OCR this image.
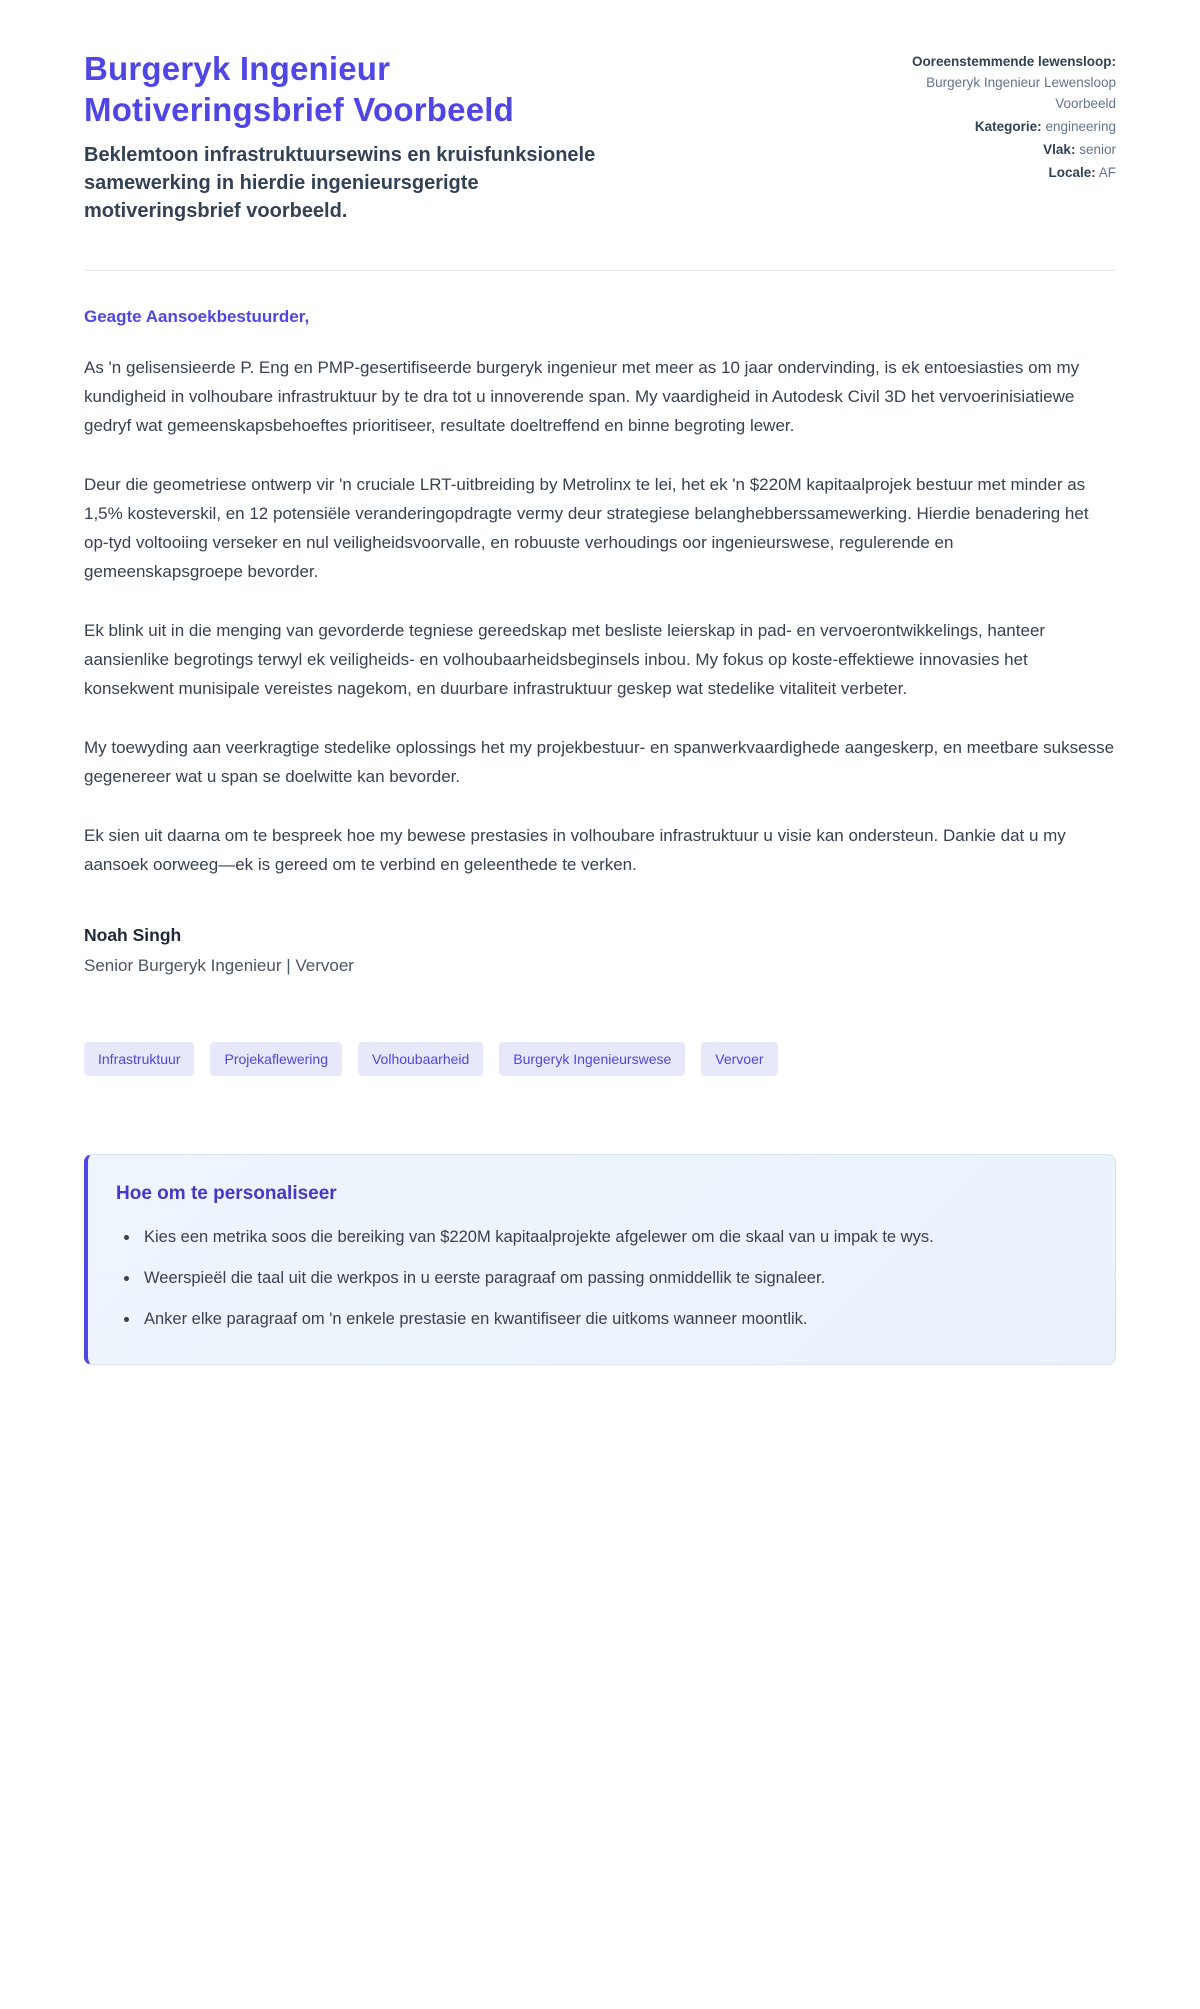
Burgeryk Ingenieur Motiveringsbrief Voorbeeld
Beklemtoon infrastruktuursewins en kruisfunksionele samewerking in hierdie ingenieursgerigte motiveringsbrief voorbeeld.
Ooreenstemmende lewensloop: Burgeryk Ingenieur Lewensloop Voorbeeld
Kategorie: engineering
Vlak: senior
Locale: AF

Geagte Aansoekbestuurder,

As 'n gelisensieerde P. Eng en PMP-gesertifiseerde burgeryk ingenieur met meer as 10 jaar ondervinding, is ek entoesiasties om my kundigheid in volhoubare infrastruktuur by te dra tot u innoverende span. My vaardigheid in Autodesk Civil 3D het vervoerinisiatiewe gedryf wat gemeenskapsbehoeftes prioritiseer, resultate doeltreffend en binne begroting lewer.

Deur die geometriese ontwerp vir 'n cruciale LRT-uitbreiding by Metrolinx te lei, het ek 'n $220M kapitaalprojek bestuur met minder as 1,5% kosteverskil, en 12 potensiële veranderingopdragte vermy deur strategiese belanghebberssamewerking. Hierdie benadering het op-tyd voltooiing verseker en nul veiligheidsvoorvalle, en robuuste verhoudings oor ingenieurswese, regulerende en gemeenskapsgroepe bevorder.

Ek blink uit in die menging van gevorderde tegniese gereedskap met besliste leierskap in pad- en vervoerontwikkelings, hanteer aansienlike begrotings terwyl ek veiligheids- en volhoubaarheidsbeginsels inbou. My fokus op koste-effektiewe innovasies het konsekwent munisipale vereistes nagekom, en duurbare infrastruktuur geskep wat stedelike vitaliteit verbeter.

My toewyding aan veerkragtige stedelike oplossings het my projekbestuur- en spanwerkvaardighede aangeskerp, en meetbare suksesse gegenereer wat u span se doelwitte kan bevorder.

Ek sien uit daarna om te bespreek hoe my bewese prestasies in volhoubare infrastruktuur u visie kan ondersteun. Dankie dat u my aansoek oorweeg—ek is gereed om te verbind en geleenthede te verken.

Noah Singh

Senior Burgeryk Ingenieur | Vervoer

Infrastruktuur	Projekaflewering	Volhoubaarheid	Burgeryk Ingenieurswese	Vervoer
Hoe om te personaliseer
• Kies een metrika soos die bereiking van $220M kapitaalprojekte afgelewer om die skaal van u impak te wys.
• Weerspieël die taal uit die werkpos in u eerste paragraaf om passing onmiddellik te signaleer.
• Anker elke paragraaf om 'n enkele prestasie en kwantifiseer die uitkoms wanneer moontlik.
